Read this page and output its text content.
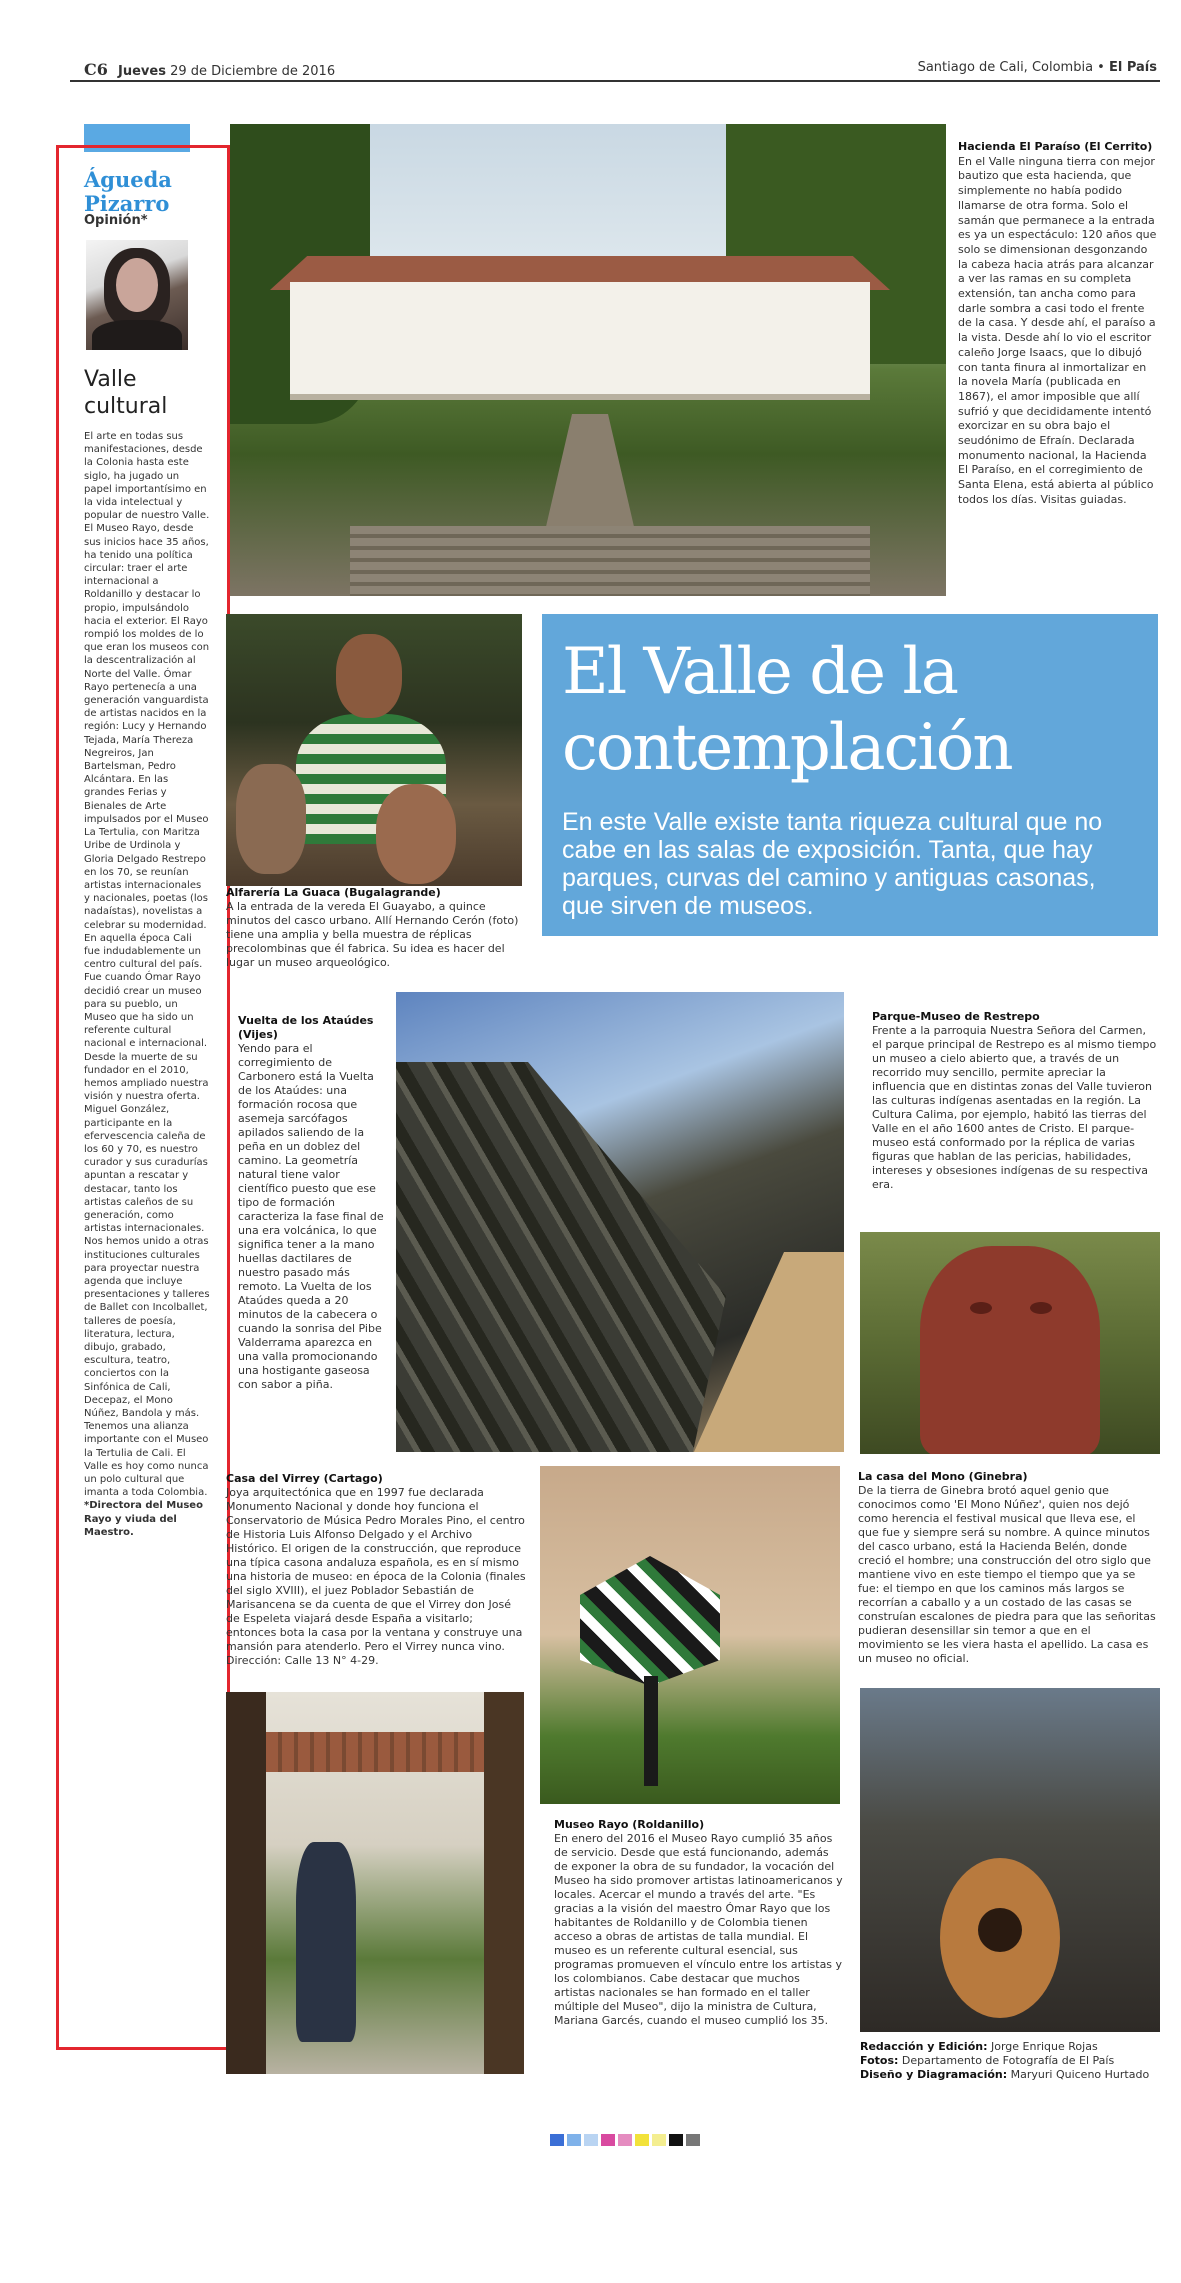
C6 Jueves 29 de Diciembre de 2016	Santiago de Cali, Colombia • El País
Águeda Pizarro
Opinión*
Valle cultural

El arte en todas sus manifestaciones, desde la Colonia hasta este siglo, ha jugado un papel importantísimo en la vida intelectual y popular de nuestro Valle.

El Museo Rayo, desde sus inicios hace 35 años, ha tenido una política circular: traer el arte internacional a Roldanillo y destacar lo propio, impulsándolo hacia el exterior. El Rayo rompió los moldes de lo que eran los museos con la descentralización al Norte del Valle. Ómar Rayo pertenecía a una generación vanguardista de artistas nacidos en la región: Lucy y Hernando Tejada, María Thereza Negreiros, Jan Bartelsman, Pedro Alcántara. En las grandes Ferias y Bienales de Arte impulsados por el Museo La Tertulia, con Maritza Uribe de Urdinola y Gloria Delgado Restrepo en los 70, se reunían artistas internacionales y nacionales, poetas (los nadaístas), novelistas a celebrar su modernidad. En aquella época Cali fue indudablemente un centro cultural del país. Fue cuando Ómar Rayo decidió crear un museo para su pueblo, un Museo que ha sido un referente cultural nacional e internacional.

Desde la muerte de su fundador en el 2010, hemos ampliado nuestra visión y nuestra oferta. Miguel González, participante en la efervescencia caleña de los 60 y 70, es nuestro curador y sus curadurías apuntan a rescatar y destacar, tanto los artistas caleños de su generación, como artistas internacionales. Nos hemos unido a otras instituciones culturales para proyectar nuestra agenda que incluye presentaciones y talleres de Ballet con Incolballet, talleres de poesía, literatura, lectura, dibujo, grabado, escultura, teatro, conciertos con la Sinfónica de Cali, Decepaz, el Mono Núñez, Bandola y más. Tenemos una alianza importante con el Museo la Tertulia de Cali. El Valle es hoy como nunca un polo cultural que imanta a toda Colombia.

*Directora del Museo Rayo y viuda del Maestro.

Hacienda El Paraíso (El Cerrito)
En el Valle ninguna tierra con mejor bautizo que esta hacienda, que simplemente no había podido llamarse de otra forma. Solo el samán que permanece a la entrada es ya un espectáculo: 120 años que solo se dimensionan desgonzando la cabeza hacia atrás para alcanzar a ver las ramas en su completa extensión, tan ancha como para darle sombra a casi todo el frente de la casa. Y desde ahí, el paraíso a la vista. Desde ahí lo vio el escritor caleño Jorge Isaacs, que lo dibujó con tanta finura al inmortalizar en la novela María (publicada en 1867), el amor imposible que allí sufrió y que decididamente intentó exorcizar en su obra bajo el seudónimo de Efraín. Declarada monumento nacional, la Hacienda El Paraíso, en el corregimiento de Santa Elena, está abierta al público todos los días. Visitas guiadas.
Alfarería La Guaca (Bugalagrande)
A la entrada de la vereda El Guayabo, a quince minutos del casco urbano. Allí Hernando Cerón (foto) tiene una amplia y bella muestra de réplicas precolombinas que él fabrica. Su idea es hacer del lugar un museo arqueológico.
El Valle de la contemplación
En este Valle existe tanta riqueza cultural que no cabe en las salas de exposición. Tanta, que hay parques, curvas del camino y antiguas casonas, que sirven de museos.
Vuelta de los Ataúdes (Vijes)
Yendo para el corregimiento de Carbonero está la Vuelta de los Ataúdes: una formación rocosa que asemeja sarcófagos apilados saliendo de la peña en un doblez del camino. La geometría natural tiene valor científico puesto que ese tipo de formación caracteriza la fase final de una era volcánica, lo que significa tener a la mano huellas dactilares de nuestro pasado más remoto. La Vuelta de los Ataúdes queda a 20 minutos de la cabecera o cuando la sonrisa del Pibe Valderrama aparezca en una valla promocionando una hostigante gaseosa con sabor a piña.
Parque-Museo de Restrepo
Frente a la parroquia Nuestra Señora del Carmen, el parque principal de Restrepo es al mismo tiempo un museo a cielo abierto que, a través de un recorrido muy sencillo, permite apreciar la influencia que en distintas zonas del Valle tuvieron las culturas indígenas asentadas en la región. La Cultura Calima, por ejemplo, habitó las tierras del Valle en el año 1600 antes de Cristo. El parque-museo está conformado por la réplica de varias figuras que hablan de las pericias, habilidades, intereses y obsesiones indígenas de su respectiva era.
Casa del Virrey (Cartago)
Joya arquitectónica que en 1997 fue declarada Monumento Nacional y donde hoy funciona el Conservatorio de Música Pedro Morales Pino, el centro de Historia Luis Alfonso Delgado y el Archivo Histórico. El origen de la construcción, que reproduce una típica casona andaluza española, es en sí mismo una historia de museo: en época de la Colonia (finales del siglo XVIII), el juez Poblador Sebastián de Marisancena se da cuenta de que el Virrey don José de Espeleta viajará desde España a visitarlo; entonces bota la casa por la ventana y construye una mansión para atenderlo. Pero el Virrey nunca vino. Dirección: Calle 13 N° 4-29.
Museo Rayo (Roldanillo)
En enero del 2016 el Museo Rayo cumplió 35 años de servicio. Desde que está funcionando, además de exponer la obra de su fundador, la vocación del Museo ha sido promover artistas latinoamericanos y locales. Acercar el mundo a través del arte. "Es gracias a la visión del maestro Ómar Rayo que los habitantes de Roldanillo y de Colombia tienen acceso a obras de artistas de talla mundial. El museo es un referente cultural esencial, sus programas promueven el vínculo entre los artistas y los colombianos. Cabe destacar que muchos artistas nacionales se han formado en el taller múltiple del Museo", dijo la ministra de Cultura, Mariana Garcés, cuando el museo cumplió los 35.
La casa del Mono (Ginebra)
De la tierra de Ginebra brotó aquel genio que conocimos como 'El Mono Núñez', quien nos dejó como herencia el festival musical que lleva ese, el que fue y siempre será su nombre. A quince minutos del casco urbano, está la Hacienda Belén, donde creció el hombre; una construcción del otro siglo que mantiene vivo en este tiempo el tiempo que ya se fue: el tiempo en que los caminos más largos se recorrían a caballo y a un costado de las casas se construían escalones de piedra para que las señoritas pudieran desensillar sin temor a que en el movimiento se les viera hasta el apellido. La casa es un museo no oficial.
Redacción y Edición: Jorge Enrique Rojas
Fotos: Departamento de Fotografía de El País
Diseño y Diagramación: Maryuri Quiceno Hurtado
